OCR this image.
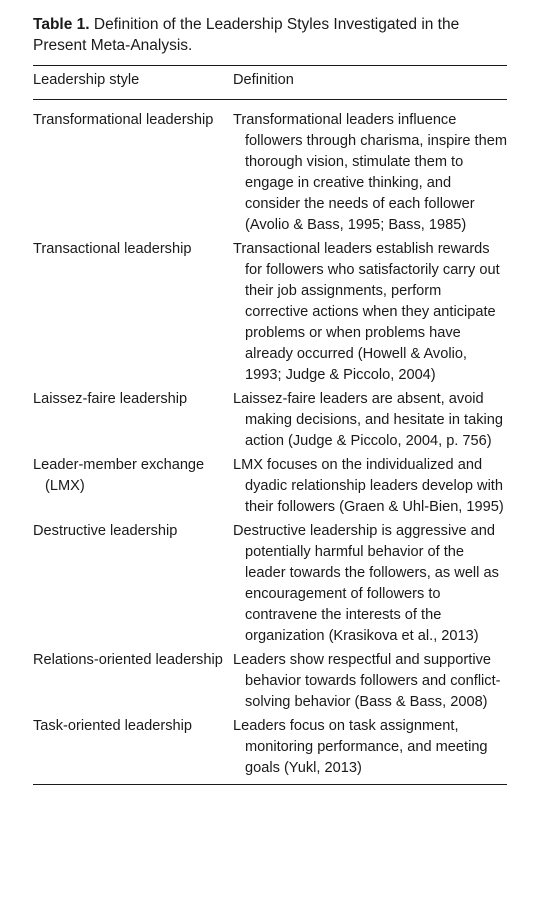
Table 1. Definition of the Leadership Styles Investigated in the Present Meta-Analysis.
Leadership style	Definition
Transformational leadership	Transformational leaders influence followers through charisma, inspire them thorough vision, stimulate them to engage in creative thinking, and consider the needs of each follower (Avolio & Bass, 1995; Bass, 1985)
Transactional leadership	Transactional leaders establish rewards for followers who satisfactorily carry out their job assignments, perform corrective actions when they anticipate problems or when problems have already occurred (Howell & Avolio, 1993; Judge & Piccolo, 2004)
Laissez-faire leadership	Laissez-faire leaders are absent, avoid making decisions, and hesitate in taking action (Judge & Piccolo, 2004, p. 756)
Leader-member exchange (LMX)	LMX focuses on the individualized and dyadic relationship leaders develop with their followers (Graen & Uhl-Bien, 1995)
Destructive leadership	Destructive leadership is aggressive and potentially harmful behavior of the leader towards the followers, as well as encouragement of followers to contravene the interests of the organization (Krasikova et al., 2013)
Relations-oriented leadership	Leaders show respectful and supportive behavior towards followers and conflict-solving behavior (Bass & Bass, 2008)
Task-oriented leadership	Leaders focus on task assignment, monitoring performance, and meeting goals (Yukl, 2013)
